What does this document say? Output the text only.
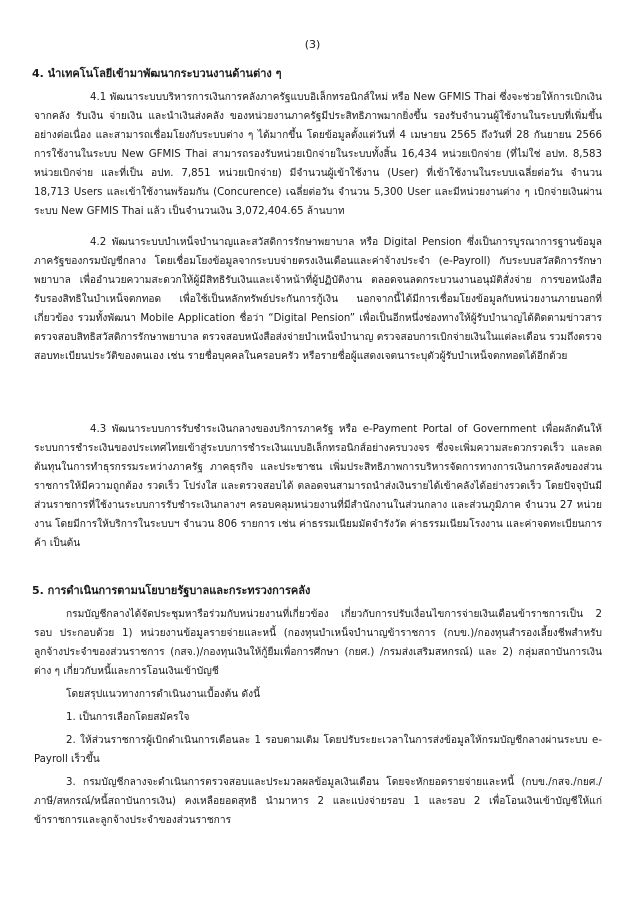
(3)
4. นำเทคโนโลยีเข้ามาพัฒนากระบวนงานด้านต่าง ๆ

4.1 พัฒนาระบบบริหารการเงินการคลังภาครัฐแบบอิเล็กทรอนิกส์ใหม่ หรือ New GFMIS Thai ซึ่งจะช่วยให้การเบิกเงินจากคลัง รับเงิน จ่ายเงิน และนำเงินส่งคลัง ของหน่วยงานภาครัฐมีประสิทธิภาพมากยิ่งขึ้น รองรับจำนวนผู้ใช้งานในระบบที่เพิ่มขึ้นอย่างต่อเนื่อง และสามารถเชื่อมโยงกับระบบต่าง ๆ ได้มากขึ้น โดยข้อมูลตั้งแต่วันที่ 4 เมษายน 2565 ถึงวันที่ 28 กันยายน 2566 การใช้งานในระบบ New GFMIS Thai สามารถรองรับหน่วยเบิกจ่ายในระบบทั้งสิ้น 16,434 หน่วยเบิกจ่าย (ที่ไม่ใช่ อปท. 8,583 หน่วยเบิกจ่าย และที่เป็น อปท. 7,851 หน่วยเบิกจ่าย) มีจำนวนผู้เข้าใช้งาน (User) ที่เข้าใช้งานในระบบเฉลี่ยต่อวัน จำนวน 18,713 Users และเข้าใช้งานพร้อมกัน (Concurence) เฉลี่ยต่อวัน จำนวน 5,300 User และมีหน่วยงานต่าง ๆ เบิกจ่ายเงินผ่านระบบ New GFMIS Thai แล้ว เป็นจำนวนเงิน 3,072,404.65 ล้านบาท

4.2 พัฒนาระบบบำเหน็จบำนาญและสวัสดิการรักษาพยาบาล หรือ Digital Pension ซึ่งเป็นการบูรณาการฐานข้อมูลภาครัฐของกรมบัญชีกลาง โดยเชื่อมโยงข้อมูลจากระบบจ่ายตรงเงินเดือนและค่าจ้างประจำ (e-Payroll) กับระบบสวัสดิการรักษาพยาบาล เพื่ออำนวยความสะดวกให้ผู้มีสิทธิรับเงินและเจ้าหน้าที่ผู้ปฏิบัติงาน ตลอดจนลดกระบวนงานอนุมัติสั่งจ่าย การขอหนังสือรับรองสิทธิในบำเหน็จตกทอด เพื่อใช้เป็นหลักทรัพย์ประกันการกู้เงิน นอกจากนี้ได้มีการเชื่อมโยงข้อมูลกับหน่วยงานภายนอกที่เกี่ยวข้อง รวมทั้งพัฒนา Mobile Application ชื่อว่า “Digital Pension” เพื่อเป็นอีกหนึ่งช่องทางให้ผู้รับบำนาญได้ติดตามข่าวสาร ตรวจสอบสิทธิสวัสดิการรักษาพยาบาล ตรวจสอบหนังสือส่งจ่ายบำเหน็จบำนาญ ตรวจสอบการเบิกจ่ายเงินในแต่ละเดือน รวมถึงตรวจสอบทะเบียนประวัติของตนเอง เช่น รายชื่อบุคคลในครอบครัว หรือรายชื่อผู้แสดงเจตนาระบุตัวผู้รับบำเหน็จตกทอดได้อีกด้วย

4.3 พัฒนาระบบการรับชำระเงินกลางของบริการภาครัฐ หรือ e-Payment Portal of Government เพื่อผลักดันให้ระบบการชำระเงินของประเทศไทยเข้าสู่ระบบการชำระเงินแบบอิเล็กทรอนิกส์อย่างครบวงจร ซึ่งจะเพิ่มความสะดวกรวดเร็ว และลดต้นทุนในการทำธุรกรรมระหว่างภาครัฐ ภาคธุรกิจ และประชาชน เพิ่มประสิทธิภาพการบริหารจัดการทางการเงินการคลังของส่วนราชการให้มีความถูกต้อง รวดเร็ว โปร่งใส และตรวจสอบได้ ตลอดจนสามารถนำส่งเงินรายได้เข้าคลังได้อย่างรวดเร็ว โดยปัจจุบันมีส่วนราชการที่ใช้งานระบบการรับชำระเงินกลางฯ ครอบคลุมหน่วยงานที่มีสำนักงานในส่วนกลาง และส่วนภูมิภาค จำนวน 27 หน่วยงาน โดยมีการให้บริการในระบบฯ จำนวน 806 รายการ เช่น ค่าธรรมเนียมมัดจำรังวัด ค่าธรรมเนียมโรงงาน และค่าจดทะเบียนการค้า เป็นต้น

5. การดำเนินการตามนโยบายรัฐบาลและกระทรวงการคลัง

กรมบัญชีกลางได้จัดประชุมหารือร่วมกับหน่วยงานที่เกี่ยวข้อง เกี่ยวกับการปรับเงื่อนไขการจ่ายเงินเดือนข้าราชการเป็น 2 รอบ ประกอบด้วย 1) หน่วยงานข้อมูลรายจ่ายและหนี้ (กองทุนบำเหน็จบำนาญข้าราชการ (กบข.)/กองทุนสำรองเลี้ยงชีพสำหรับลูกจ้างประจำของส่วนราชการ (กสจ.)/กองทุนเงินให้กู้ยืมเพื่อการศึกษา (กยศ.) /กรมส่งเสริมสหกรณ์) และ 2) กลุ่มสถาบันการเงินต่าง ๆ เกี่ยวกับหนี้และการโอนเงินเข้าบัญชี

โดยสรุปแนวทางการดำเนินงานเบื้องต้น ดังนี้

1. เป็นการเลือกโดยสมัครใจ

2. ให้ส่วนราชการผู้เบิกดำเนินการเดือนละ 1 รอบตามเดิม โดยปรับระยะเวลาในการส่งข้อมูลให้กรมบัญชีกลางผ่านระบบ e-Payroll เร็วขึ้น

3. กรมบัญชีกลางจะดำเนินการตรวจสอบและประมวลผลข้อมูลเงินเดือน โดยจะหักยอดรายจ่ายและหนี้ (กบข./กสจ./กยศ./ภาษี/สหกรณ์/หนี้สถาบันการเงิน) คงเหลือยอดสุทธิ นำมาหาร 2 และแบ่งจ่ายรอบ 1 และรอบ 2 เพื่อโอนเงินเข้าบัญชีให้แก่ข้าราชการและลูกจ้างประจำของส่วนราชการ
